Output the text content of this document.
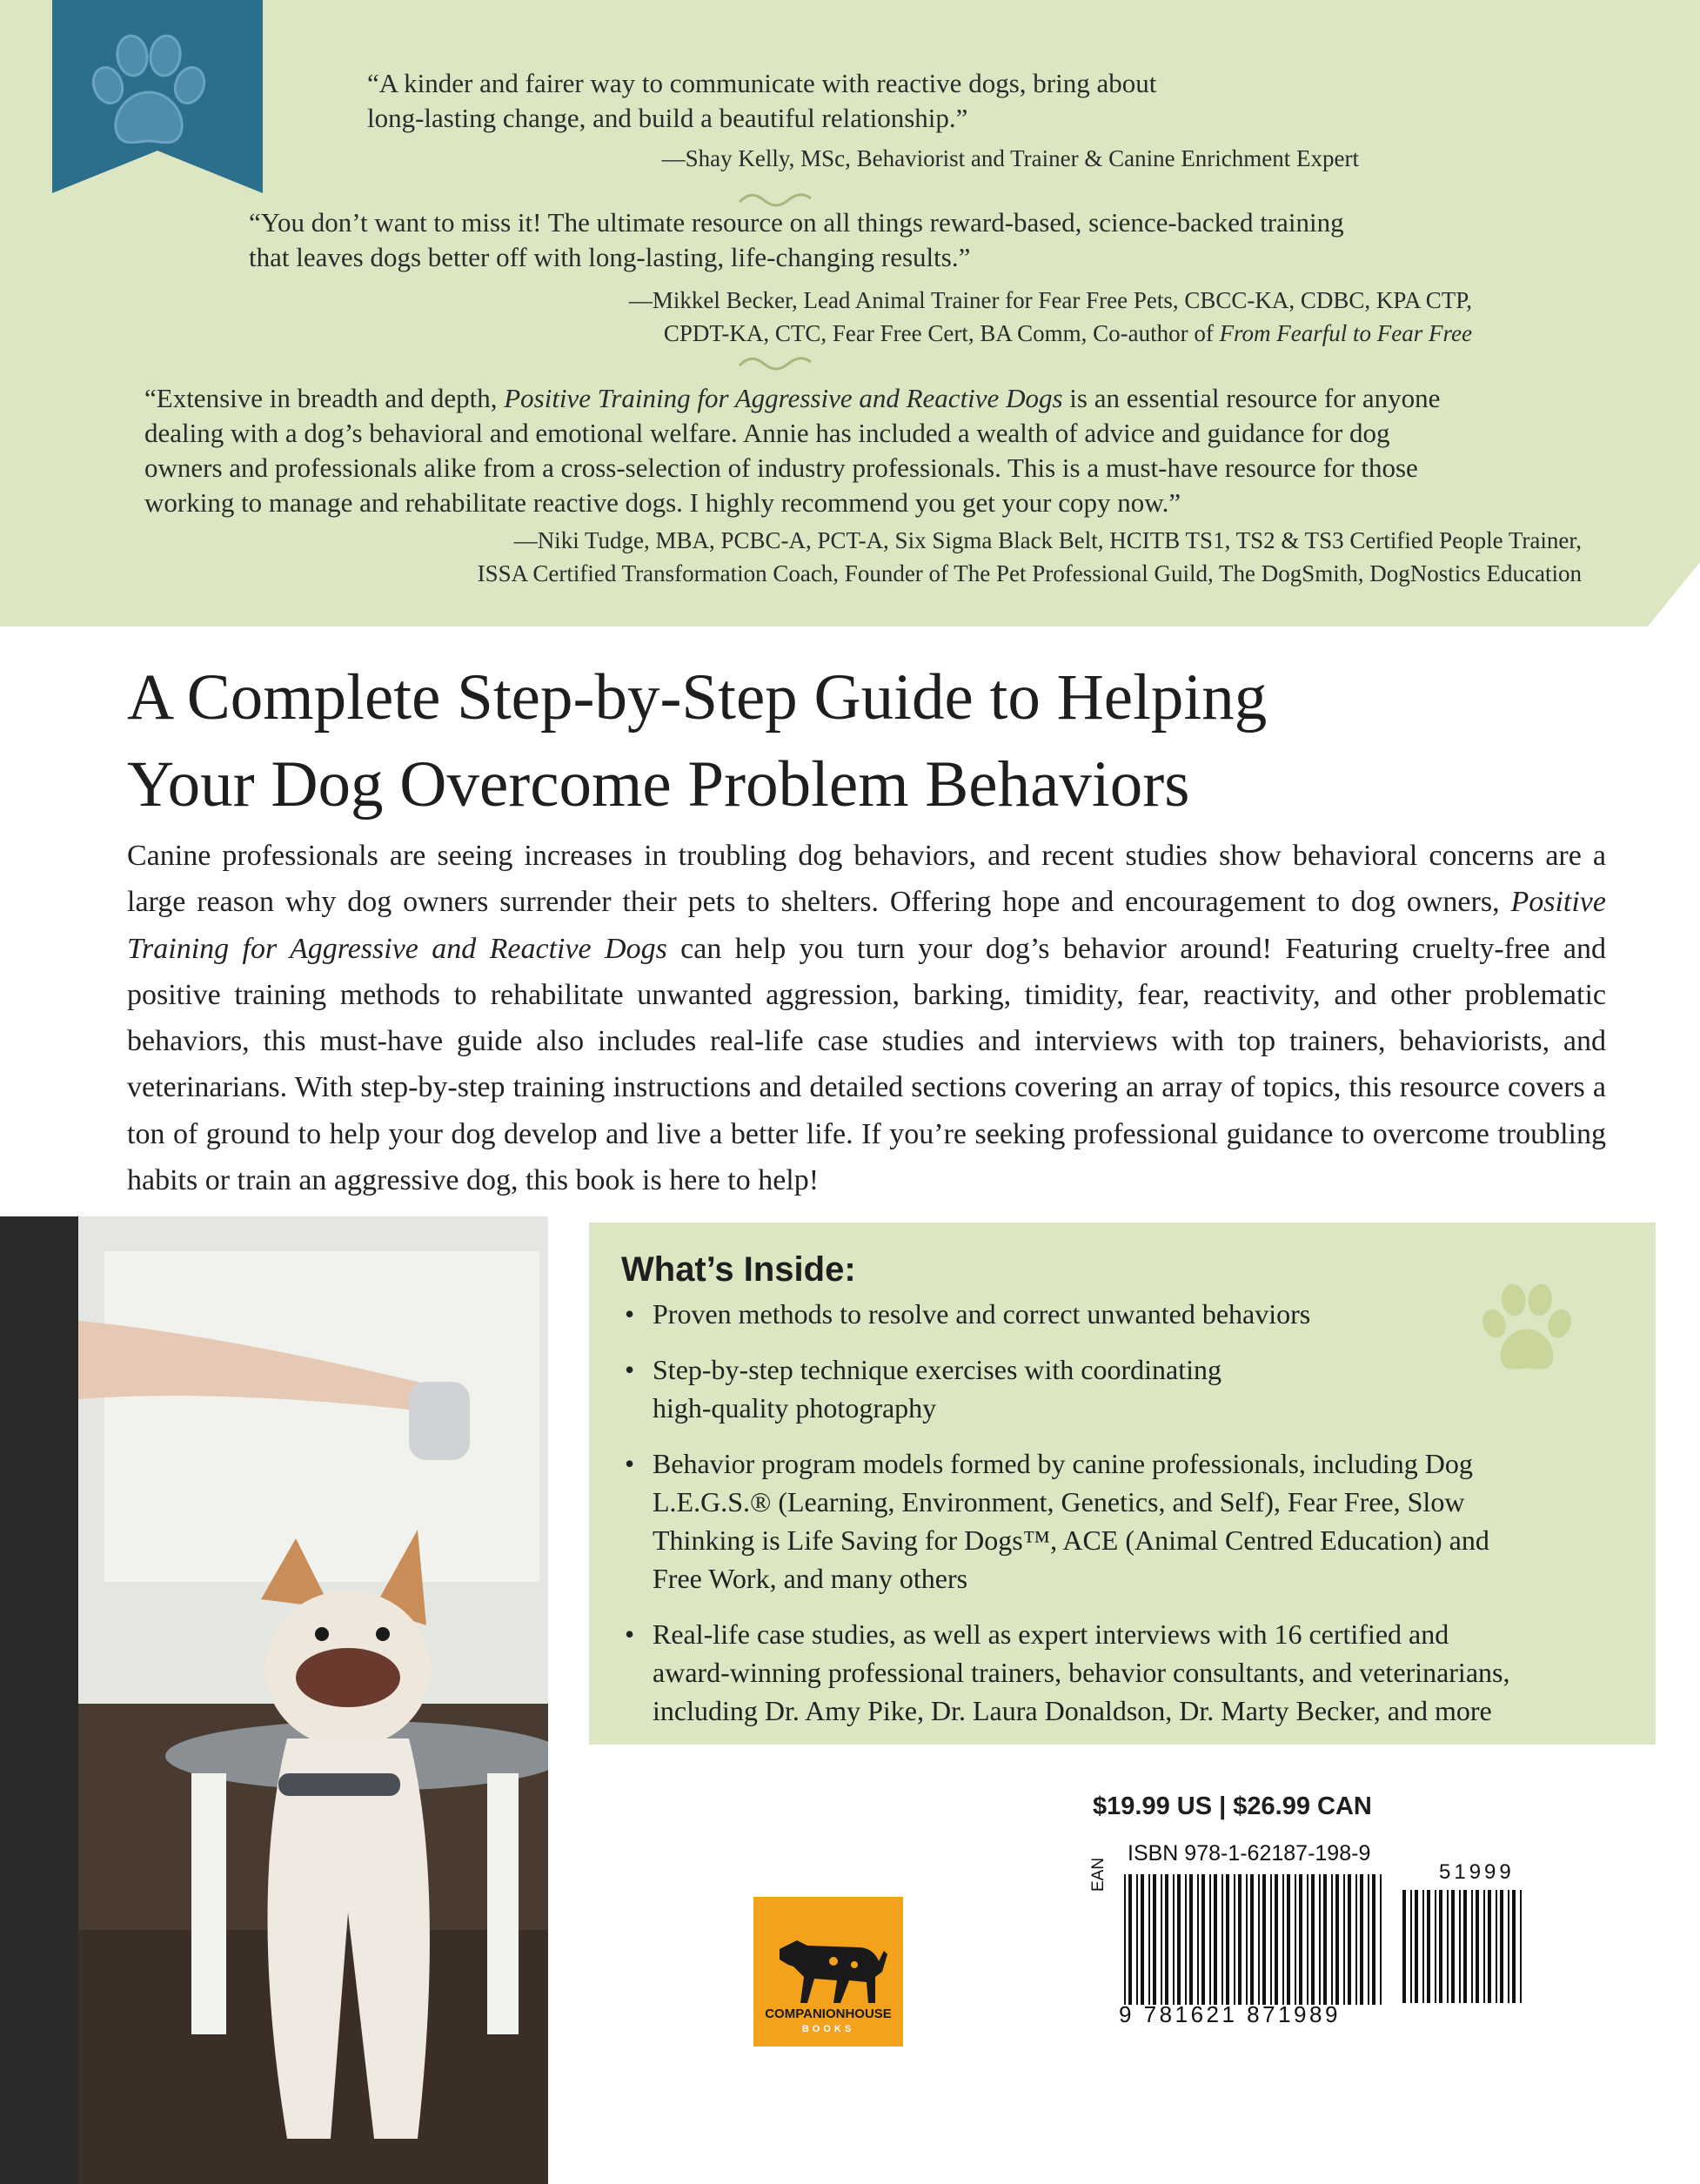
“A kinder and fairer way to communicate with reactive dogs, bring about

long-lasting change, and build a beautiful relationship.”

—Shay Kelly, MSc, Behaviorist and Trainer & Canine Enrichment Expert

“You don’t want to miss it! The ultimate resource on all things reward-based, science-backed training

that leaves dogs better off with long-lasting, life-changing results.”

—Mikkel Becker, Lead Animal Trainer for Fear Free Pets, CBCC-KA, CDBC, KPA CTP,

CPDT-KA, CTC, Fear Free Cert, BA Comm, Co-author of From Fearful to Fear Free

“Extensive in breadth and depth, Positive Training for Aggressive and Reactive Dogs is an essential resource for anyone

dealing with a dog’s behavioral and emotional welfare. Annie has included a wealth of advice and guidance for dog

owners and professionals alike from a cross-selection of industry professionals. This is a must-have resource for those

working to manage and rehabilitate reactive dogs. I highly recommend you get your copy now.”

—Niki Tudge, MBA, PCBC-A, PCT-A, Six Sigma Black Belt, HCITB TS1, TS2 & TS3 Certified People Trainer,

ISSA Certified Transformation Coach, Founder of The Pet Professional Guild, The DogSmith, DogNostics Education

A Complete Step-by-Step Guide to Helping
Your Dog Overcome Problem Behaviors

Canine professionals are seeing increases in troubling dog behaviors, and recent studies show behavioral concerns are a large reason why dog owners surrender their pets to shelters. Offering hope and encouragement to dog owners, Positive Training for Aggressive and Reactive Dogs can help you turn your dog’s behavior around! Featuring cruelty-free and positive training methods to rehabilitate unwanted aggression, barking, timidity, fear, reactivity, and other problematic behaviors, this must-have guide also includes real-life case studies and interviews with top trainers, behaviorists, and veterinarians. With step-by-step training instructions and detailed sections covering an array of topics, this resource covers a ton of ground to help your dog develop and live a better life. If you’re seeking professional guidance to overcome troubling habits or train an aggressive dog, this book is here to help!

What’s Inside:
• Proven methods to resolve and correct unwanted behaviors
• Step-by-step technique exercises with coordinating
high-quality photography
• Behavior program models formed by canine professionals, including Dog
L.E.G.S.® (Learning, Environment, Genetics, and Self), Fear Free, Slow
Thinking is Life Saving for Dogs™, ACE (Animal Centred Education) and
Free Work, and many others
• Real-life case studies, as well as expert interviews with 16 certified and
award-winning professional trainers, behavior consultants, and veterinarians,
including Dr. Amy Pike, Dr. Laura Donaldson, Dr. Marty Becker, and more
$19.99 US | $26.99 CAN
COMPANIONHOUSE
BOOKS
ISBN 978-1-62187-198-9
EAN	51999
9 781621 871989
